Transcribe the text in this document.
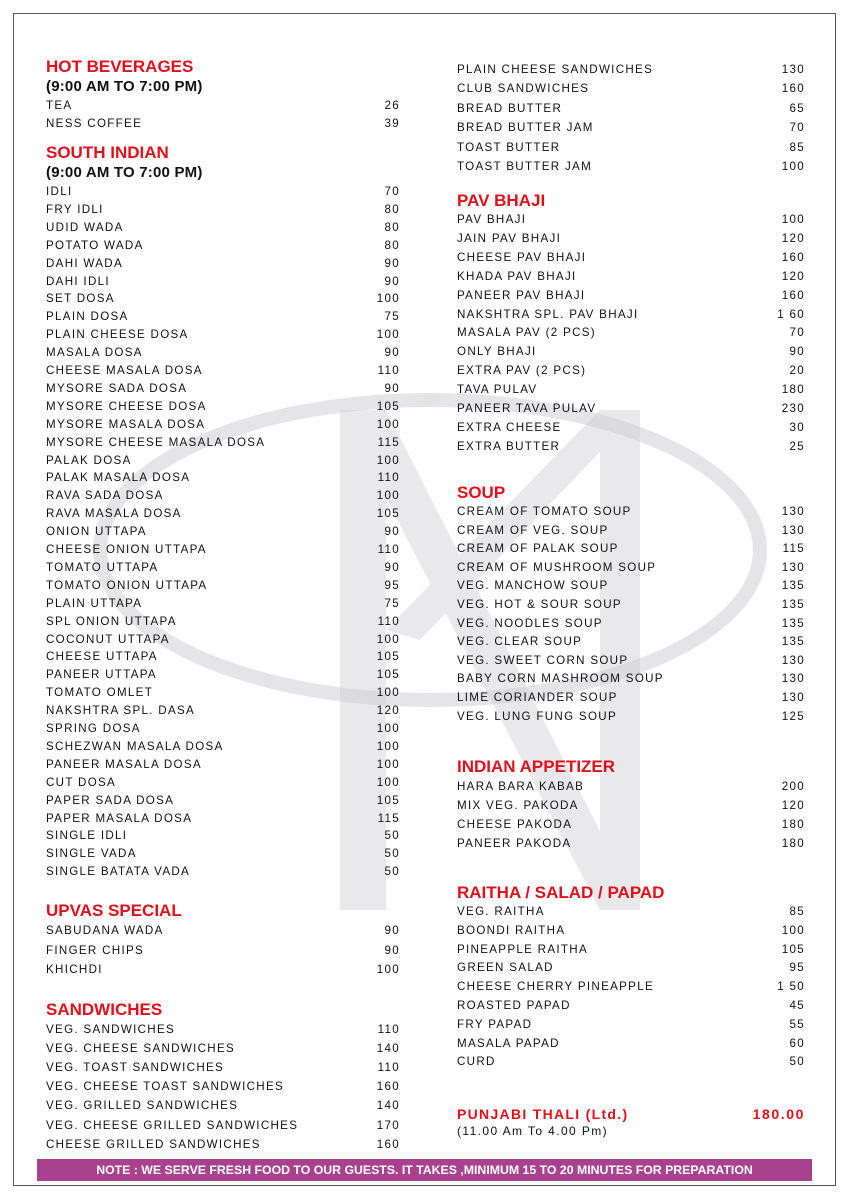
HOT BEVERAGES
(9:00 AM TO 7:00 PM)
TEA	26
NESS COFFEE	39
SOUTH INDIAN
(9:00 AM TO 7:00 PM)
IDLI	70
FRY IDLI	80
UDID WADA	80
POTATO WADA	80
DAHI WADA	90
DAHI IDLI	90
SET DOSA	100
PLAIN DOSA	75
PLAIN CHEESE DOSA	100
MASALA DOSA	90
CHEESE MASALA DOSA	110
MYSORE SADA DOSA	90
MYSORE CHEESE DOSA	105
MYSORE MASALA DOSA	100
MYSORE CHEESE MASALA DOSA	115
PALAK DOSA	100
PALAK MASALA DOSA	110
RAVA SADA DOSA	100
RAVA MASALA DOSA	105
ONION UTTAPA	90
CHEESE ONION UTTAPA	110
TOMATO UTTAPA	90
TOMATO ONION UTTAPA	95
PLAIN UTTAPA	75
SPL ONION UTTAPA	110
COCONUT UTTAPA	100
CHEESE UTTAPA	105
PANEER UTTAPA	105
TOMATO OMLET	100
NAKSHTRA SPL. DASA	120
SPRING DOSA	100
SCHEZWAN MASALA DOSA	100
PANEER MASALA DOSA	100
CUT DOSA	100
PAPER SADA DOSA	105
PAPER MASALA DOSA	115
SINGLE IDLI	50
SINGLE VADA	50
SINGLE BATATA VADA	50
UPVAS SPECIAL
SABUDANA WADA	90
FINGER CHIPS	90
KHICHDI	100
SANDWICHES
VEG. SANDWICHES	110
VEG. CHEESE SANDWICHES	140
VEG. TOAST SANDWICHES	110
VEG. CHEESE TOAST SANDWICHES	160
VEG. GRILLED SANDWICHES	140
VEG. CHEESE GRILLED SANDWICHES	170
CHEESE GRILLED SANDWICHES	160
PLAIN CHEESE SANDWICHES	130
CLUB SANDWICHES	160
BREAD BUTTER	65
BREAD BUTTER JAM	70
TOAST BUTTER	85
TOAST BUTTER JAM	100
PAV BHAJI
PAV BHAJI	100
JAIN PAV BHAJI	120
CHEESE PAV BHAJI	160
KHADA PAV BHAJI	120
PANEER PAV BHAJI	160
NAKSHTRA SPL. PAV BHAJI	1 60
MASALA PAV (2 PCS)	70
ONLY BHAJI	90
EXTRA PAV (2 PCS)	20
TAVA PULAV	180
PANEER TAVA PULAV	230
EXTRA CHEESE	30
EXTRA BUTTER	25
SOUP
CREAM OF TOMATO SOUP	130
CREAM OF VEG. SOUP	130
CREAM OF PALAK SOUP	115
CREAM OF MUSHROOM SOUP	130
VEG. MANCHOW SOUP	135
VEG. HOT & SOUR SOUP	135
VEG. NOODLES SOUP	135
VEG. CLEAR SOUP	135
VEG. SWEET CORN SOUP	130
BABY CORN MASHROOM SOUP	130
LIME CORIANDER SOUP	130
VEG. LUNG FUNG SOUP	125
INDIAN APPETIZER
HARA BARA KABAB	200
MIX VEG. PAKODA	120
CHEESE PAKODA	180
PANEER PAKODA	180
RAITHA / SALAD / PAPAD
VEG. RAITHA	85
BOONDI RAITHA	100
PINEAPPLE RAITHA	105
GREEN SALAD	95
CHEESE CHERRY PINEAPPLE	1 50
ROASTED PAPAD	45
FRY PAPAD	55
MASALA PAPAD	60
CURD	50
PUNJABI THALI (Ltd.)	180.00
(11.00 Am To 4.00 Pm)
NOTE : WE SERVE FRESH FOOD TO OUR GUESTS. IT TAKES ,MINIMUM 15 TO 20 MINUTES FOR PREPARATION
